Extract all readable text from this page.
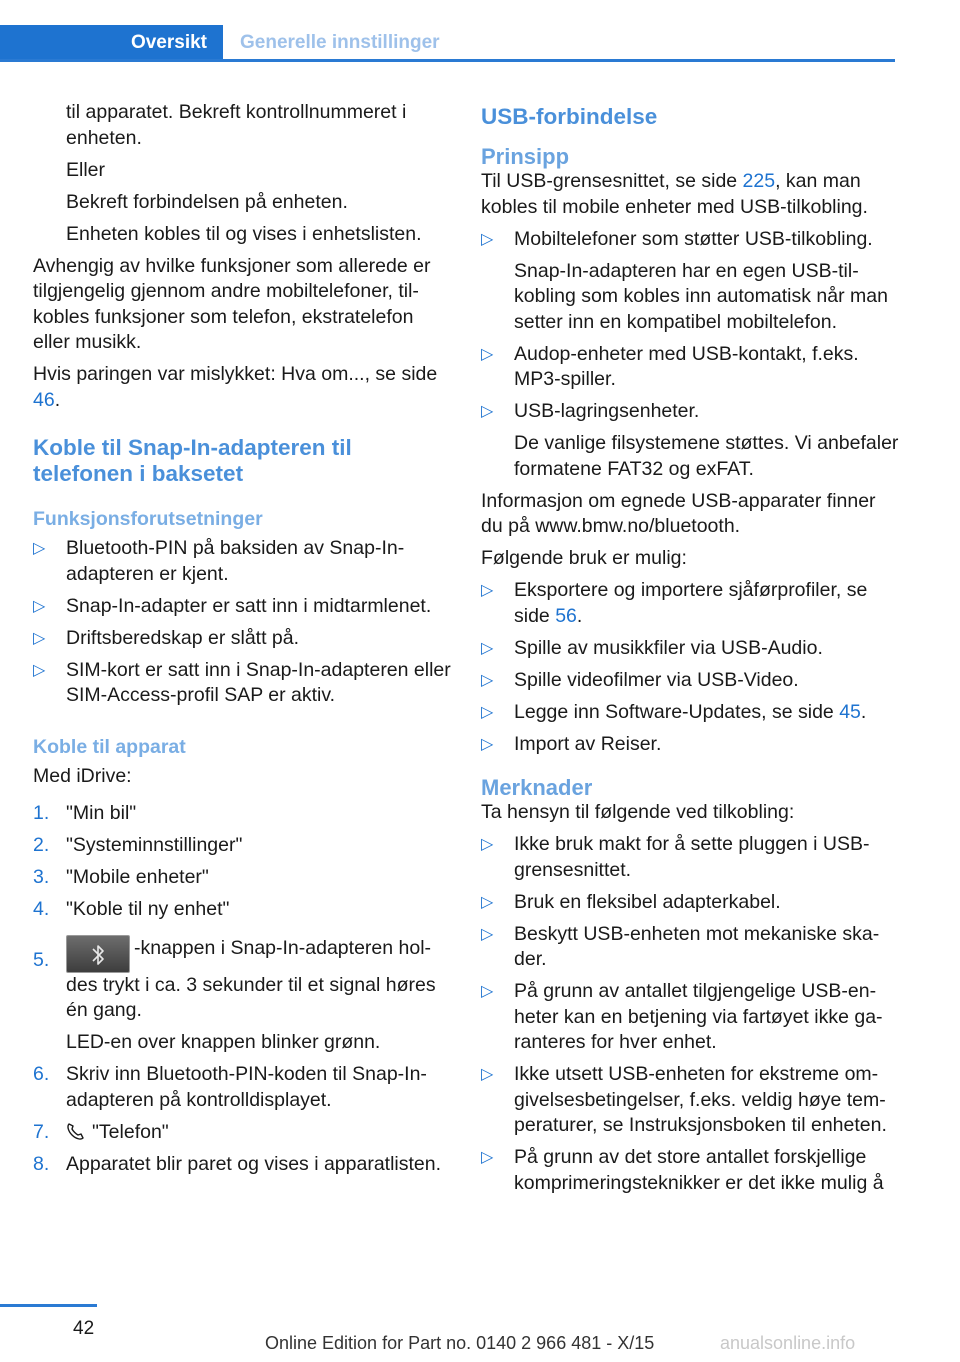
Oversikt	Generelle innstillinger

til apparatet. Bekreft kontrollnummeret i enheten.

Eller

Bekreft forbindelsen på enheten.

Enheten kobles til og vises i enhetslisten.

Avhengig av hvilke funksjoner som allerede er tilgjengelig gjennom andre mobiltelefoner, tilkobles funksjoner som telefon, ekstratelefon eller musikk.

Hvis paringen var mislykket: Hva om..., se side 46.

Koble til Snap-In-adapteren til telefonen i baksetet
Funksjonsforutsetninger
▷ Bluetooth-PIN på baksiden av Snap-In-adapteren er kjent.
▷ Snap-In-adapter er satt inn i midtarmlenet.
▷ Driftsberedskap er slått på.
▷ SIM-kort er satt inn i Snap-In-adapteren eller SIM-Access-profil SAP er aktiv.
Koble til apparat

Med iDrive:

1. "Min bil"
2. "Systeminnstillinger"
3. "Mobile enheter"
4. "Koble til ny enhet"
5.
-knappen i Snap-In-adapteren holdes trykt i ca. 3 sekunder til et signal høres én gang.
LED-en over knappen blinker grønn.
6. Skriv inn Bluetooth-PIN-koden til Snap-In-adapteren på kontrolldisplayet.
7. "Telefon"
8. Apparatet blir paret og vises i apparatlisten.
USB-forbindelse
Prinsipp

Til USB-grensesnittet, se side 225, kan man kobles til mobile enheter med USB-tilkobling.

▷ Mobiltelefoner som støtter USB-tilkobling.
Snap-In-adapteren har en egen USB-tilkobling som kobles inn automatisk når man setter inn en kompatibel mobiltelefon.
▷ Audop-enheter med USB-kontakt, f.eks. MP3-spiller.
▷ USB-lagringsenheter.
De vanlige filsystemene støttes. Vi anbefaler formatene FAT32 og exFAT.

Informasjon om egnede USB-apparater finner du på www.bmw.no/bluetooth.

Følgende bruk er mulig:

▷ Eksportere og importere sjåførprofiler, se side 56.
▷ Spille av musikkfiler via USB-Audio.
▷ Spille videofilmer via USB-Video.
▷ Legge inn Software-Updates, se side 45.
▷ Import av Reiser.
Merknader

Ta hensyn til følgende ved tilkobling:

▷ Ikke bruk makt for å sette pluggen i USB-grensesnittet.
▷ Bruk en fleksibel adapterkabel.
▷ Beskytt USB-enheten mot mekaniske skader.
▷ På grunn av antallet tilgjengelige USB-enheter kan en betjening via fartøyet ikke garanteres for hver enhet.
▷ Ikke utsett USB-enheten for ekstreme omgivelsesbetingelser, f.eks. veldig høye temperaturer, se Instruksjonsboken til enheten.
▷ På grunn av det store antallet forskjellige komprimeringsteknikker er det ikke mulig å
42
Online Edition for Part no. 0140 2 966 481 - X/15	anualsonline.info
